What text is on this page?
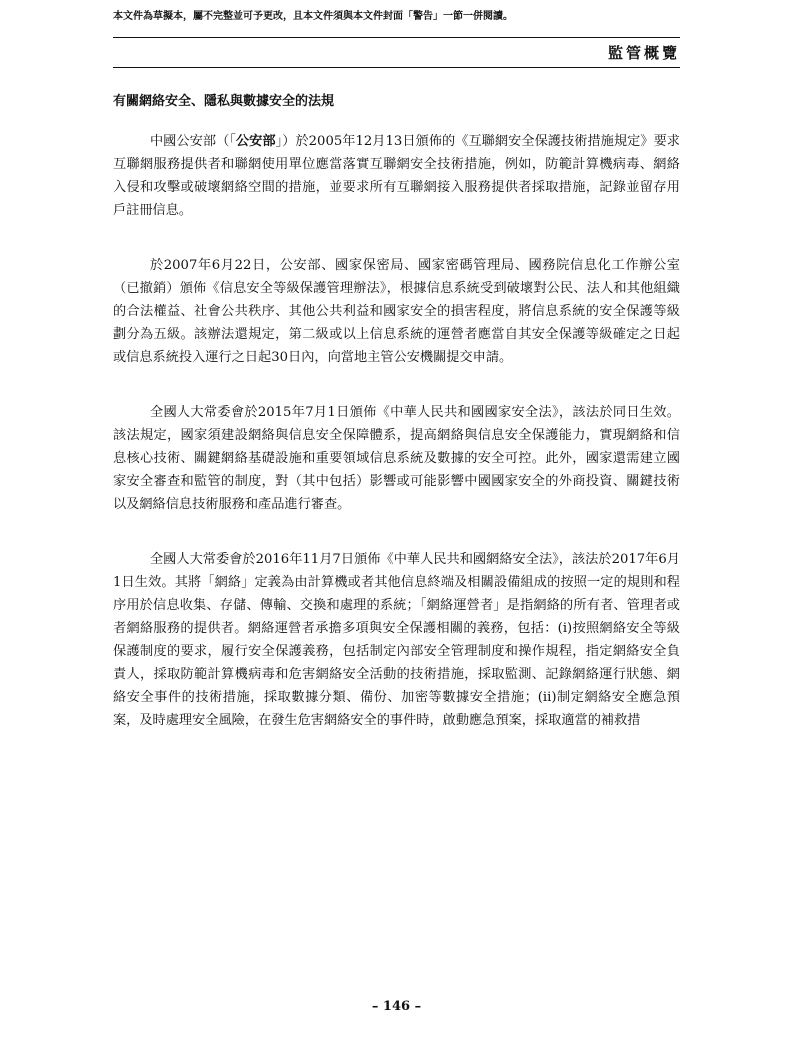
本文件為草擬本，屬不完整並可予更改，且本文件須與本文件封面「警告」一節一併閱讀。
監管概覽
有關網絡安全、隱私與數據安全的法規

中國公安部（「公安部」）於2005年12月13日頒佈的《互聯網安全保護技術措施規定》要求互聯網服務提供者和聯網使用單位應當落實互聯網安全技術措施，例如，防範計算機病毒、網絡入侵和攻擊或破壞網絡空間的措施，並要求所有互聯網接入服務提供者採取措施，記錄並留存用戶註冊信息。

於2007年6月22日，公安部、國家保密局、國家密碼管理局、國務院信息化工作辦公室（已撤銷）頒佈《信息安全等級保護管理辦法》，根據信息系統受到破壞對公民、法人和其他組織的合法權益、社會公共秩序、其他公共利益和國家安全的損害程度，將信息系統的安全保護等級劃分為五級。該辦法還規定，第二級或以上信息系統的運營者應當自其安全保護等級確定之日起或信息系統投入運行之日起30日內，向當地主管公安機關提交申請。

全國人大常委會於2015年7月1日頒佈《中華人民共和國國家安全法》，該法於同日生效。該法規定，國家須建設網絡與信息安全保障體系，提高網絡與信息安全保護能力，實現網絡和信息核心技術、關鍵網絡基礎設施和重要領域信息系統及數據的安全可控。此外，國家還需建立國家安全審查和監管的制度，對（其中包括）影響或可能影響中國國家安全的外商投資、關鍵技術以及網絡信息技術服務和產品進行審查。

全國人大常委會於2016年11月7日頒佈《中華人民共和國網絡安全法》，該法於2017年6月1日生效。其將「網絡」定義為由計算機或者其他信息終端及相關設備組成的按照一定的規則和程序用於信息收集、存儲、傳輸、交換和處理的系統；「網絡運營者」是指網絡的所有者、管理者或者網絡服務的提供者。網絡運營者承擔多項與安全保護相關的義務，包括：(i)按照網絡安全等級保護制度的要求，履行安全保護義務，包括制定內部安全管理制度和操作規程，指定網絡安全負責人，採取防範計算機病毒和危害網絡安全活動的技術措施，採取監測、記錄網絡運行狀態、網絡安全事件的技術措施，採取數據分類、備份、加密等數據安全措施；(ii)制定網絡安全應急預案，及時處理安全風險，在發生危害網絡安全的事件時，啟動應急預案，採取適當的補救措

– 146 –
